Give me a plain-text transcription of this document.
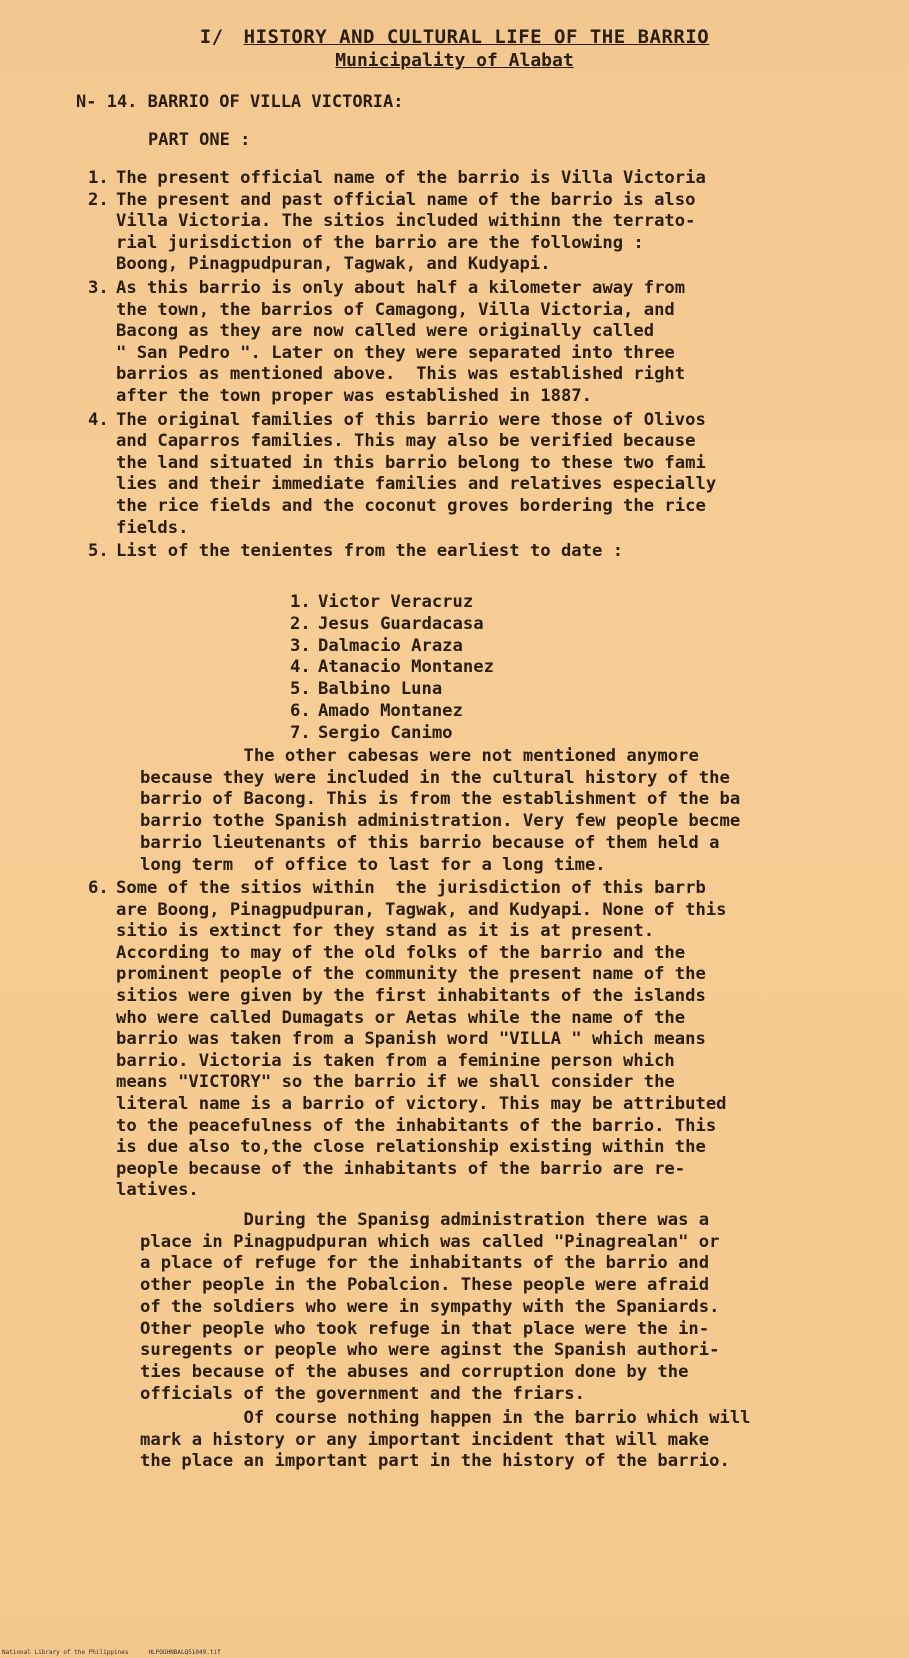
I/ HISTORY AND CULTURAL LIFE OF THE BARRIO
Municipality of Alabat
N- 14. BARRIO OF VILLA VICTORIA:
PART ONE :
1. The present official name of the barrio is Villa Victoria
2. The present and past official name of the barrio is also
Villa Victoria. The sitios included withinn the terrato-
rial jurisdiction of the barrio are the following :
Boong, Pinagpudpuran, Tagwak, and Kudyapi.
3. As this barrio is only about half a kilometer away from
the town, the barrios of Camagong, Villa Victoria, and
Bacong as they are now called were originally called
" San Pedro ". Later on they were separated into three
barrios as mentioned above.  This was established right
after the town proper was established in 1887.
4. The original families of this barrio were those of Olivos
and Caparros families. This may also be verified because
the land situated in this barrio belong to these two fami
lies and their immediate families and relatives especially
the rice fields and the coconut groves bordering the rice
fields.
5. List of the tenientes from the earliest to date :
1. Victor Veracruz
2. Jesus Guardacasa
3. Dalmacio Araza
4. Atanacio Montanez
5. Balbino Luna
6. Amado Montanez
7. Sergio Canimo
The other cabesas were not mentioned anymore
because they were included in the cultural history of the
barrio of Bacong. This is from the establishment of the ba
barrio tothe Spanish administration. Very few people becme
barrio lieutenants of this barrio because of them held a
long term  of office to last for a long time.
6. Some of the sitios within  the jurisdiction of this barrb
are Boong, Pinagpudpuran, Tagwak, and Kudyapi. None of this
sitio is extinct for they stand as it is at present.
According to may of the old folks of the barrio and the
prominent people of the community the present name of the
sitios were given by the first inhabitants of the islands
who were called Dumagats or Aetas while the name of the
barrio was taken from a Spanish word "VILLA " which means
barrio. Victoria is taken from a feminine person which
means "VICTORY" so the barrio if we shall consider the
literal name is a barrio of victory. This may be attributed
to the peacefulness of the inhabitants of the barrio. This
is due also to,the close relationship existing within the
people because of the inhabitants of the barrio are re-
latives.
During the Spanisg administration there was a
place in Pinagpudpuran which was called "Pinagrealan" or
a place of refuge for the inhabitants of the barrio and
other people in the Pobalcion. These people were afraid
of the soldiers who were in sympathy with the Spaniards.
Other people who took refuge in that place were the in-
suregents or people who were aginst the Spanish authori-
ties because of the abuses and corruption done by the
officials of the government and the friars.
Of course nothing happen in the barrio which will
mark a history or any important incident that will make
the place an important part in the history of the barrio.
National Library of the Philippines	HLPOGHNBALQ51049.tif
